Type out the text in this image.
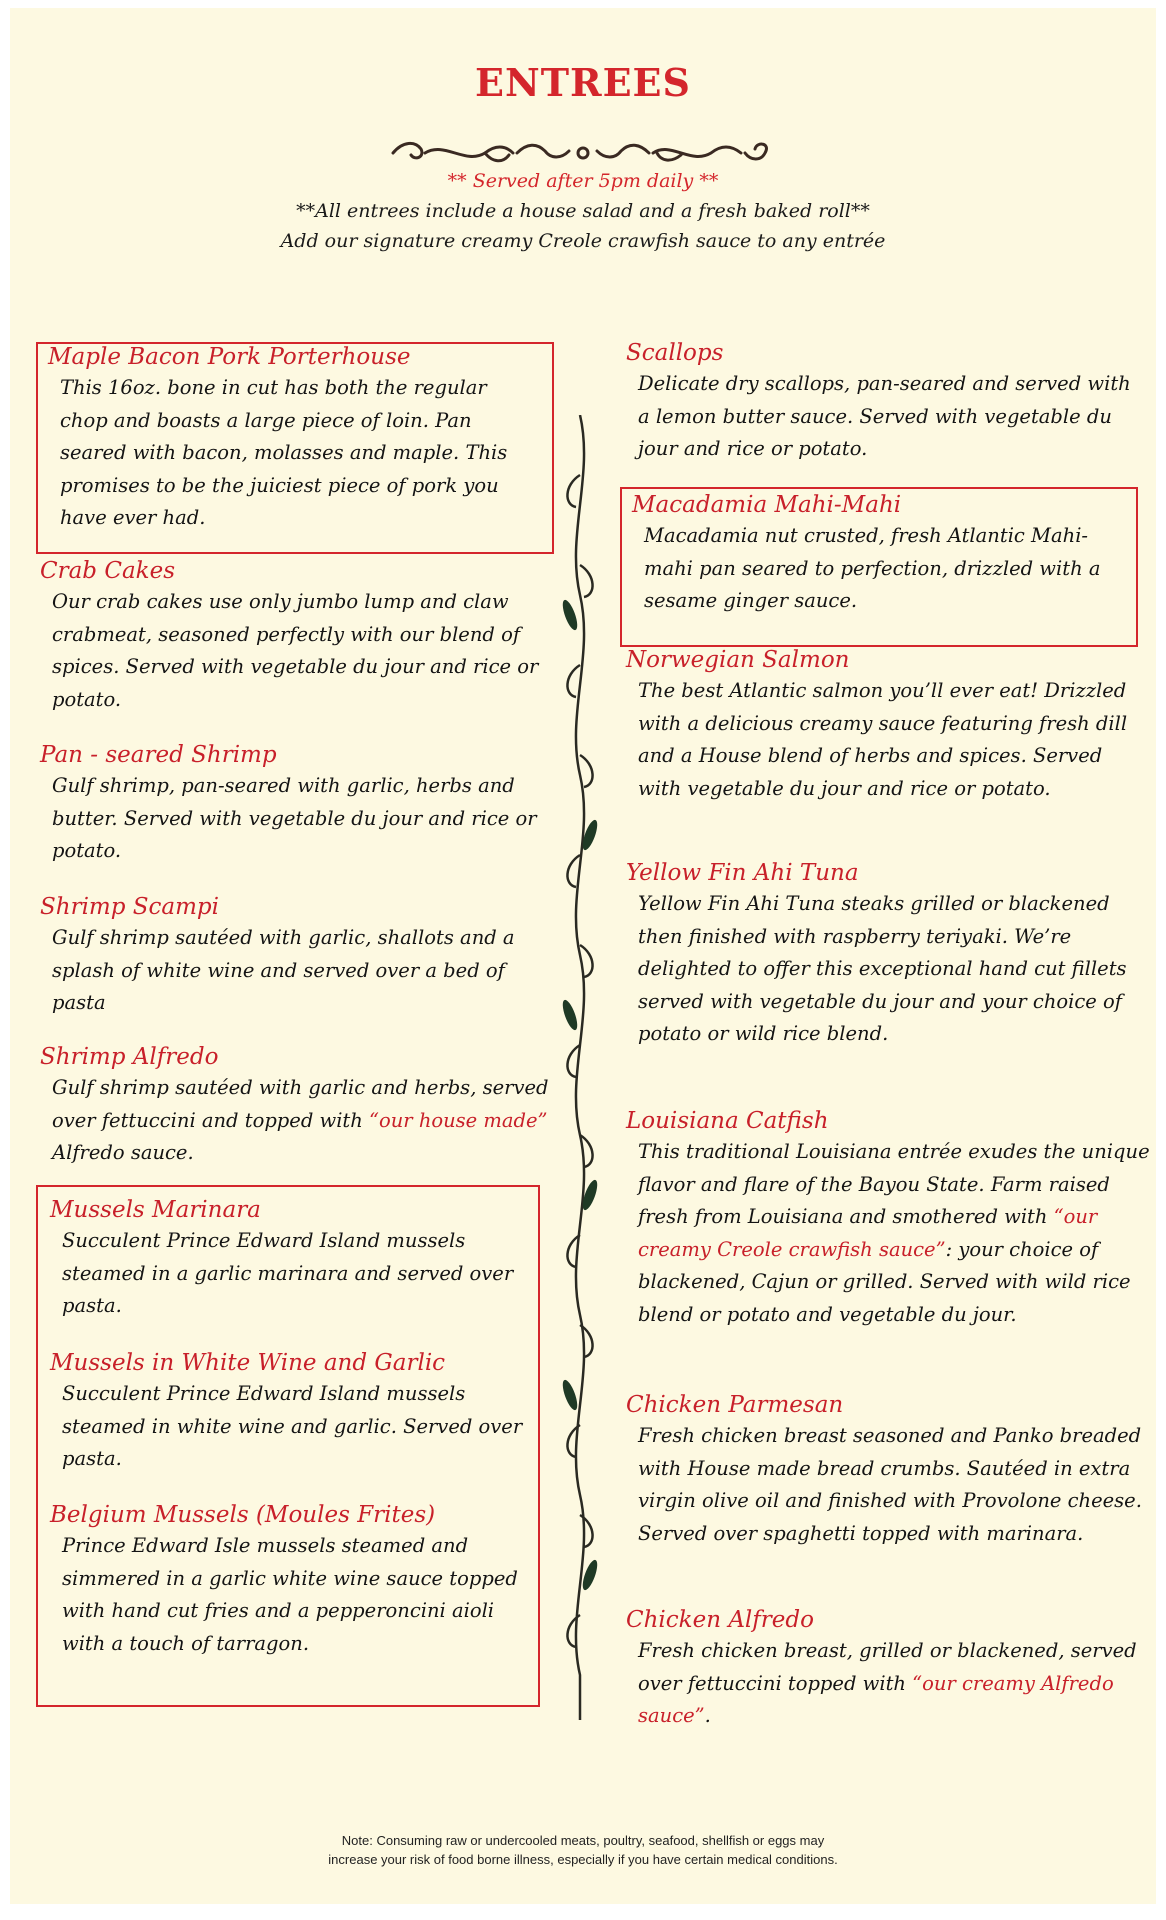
ENTREES
** Served after 5pm daily **
**All entrees include a house salad and a fresh baked roll**
Add our signature creamy Creole crawfish sauce to any entrée
Maple Bacon Pork Porterhouse
This 16oz. bone in cut has both the regular chop and boasts a large piece of loin. Pan seared with bacon, molasses and maple. This promises to be the juiciest piece of pork you have ever had.
Crab Cakes
Our crab cakes use only jumbo lump and claw crabmeat, seasoned perfectly with our blend of spices. Served with vegetable du jour and rice or potato.
Pan - seared Shrimp
Gulf shrimp, pan-seared with garlic, herbs and butter. Served with vegetable du jour and rice or potato.
Shrimp Scampi
Gulf shrimp sautéed with garlic, shallots and a splash of white wine and served over a bed of pasta
Shrimp Alfredo
Gulf shrimp sautéed with garlic and herbs, served over fettuccini and topped with “our house made” Alfredo sauce.
Mussels Marinara
Succulent Prince Edward Island mussels steamed in a garlic marinara and served over pasta.
Mussels in White Wine and Garlic
Succulent Prince Edward Island mussels steamed in white wine and garlic. Served over pasta.
Belgium Mussels (Moules Frites)
Prince Edward Isle mussels steamed and simmered in a garlic white wine sauce topped with hand cut fries and a pepperoncini aioli with a touch of tarragon.
Scallops
Delicate dry scallops, pan-seared and served with a lemon butter sauce. Served with vegetable du jour and rice or potato.
Macadamia Mahi-Mahi
Macadamia nut crusted, fresh Atlantic Mahi-mahi pan seared to perfection, drizzled with a sesame ginger sauce.
Norwegian Salmon
The best Atlantic salmon you’ll ever eat! Drizzled with a delicious creamy sauce featuring fresh dill and a House blend of herbs and spices. Served with vegetable du jour and rice or potato.
Yellow Fin Ahi Tuna
Yellow Fin Ahi Tuna steaks grilled or blackened then finished with raspberry teriyaki. We’re delighted to offer this exceptional hand cut fillets served with vegetable du jour and your choice of potato or wild rice blend.
Louisiana Catfish
This traditional Louisiana entrée exudes the unique flavor and flare of the Bayou State. Farm raised fresh from Louisiana and smothered with “our creamy Creole crawfish sauce”: your choice of blackened, Cajun or grilled. Served with wild rice blend or potato and vegetable du jour.
Chicken Parmesan
Fresh chicken breast seasoned and Panko breaded with House made bread crumbs. Sautéed in extra virgin olive oil and finished with Provolone cheese. Served over spaghetti topped with marinara.
Chicken Alfredo
Fresh chicken breast, grilled or blackened, served over fettuccini topped with “our creamy Alfredo sauce”.
Note: Consuming raw or undercooled meats, poultry, seafood, shellfish or eggs may
increase your risk of food borne illness, especially if you have certain medical conditions.
